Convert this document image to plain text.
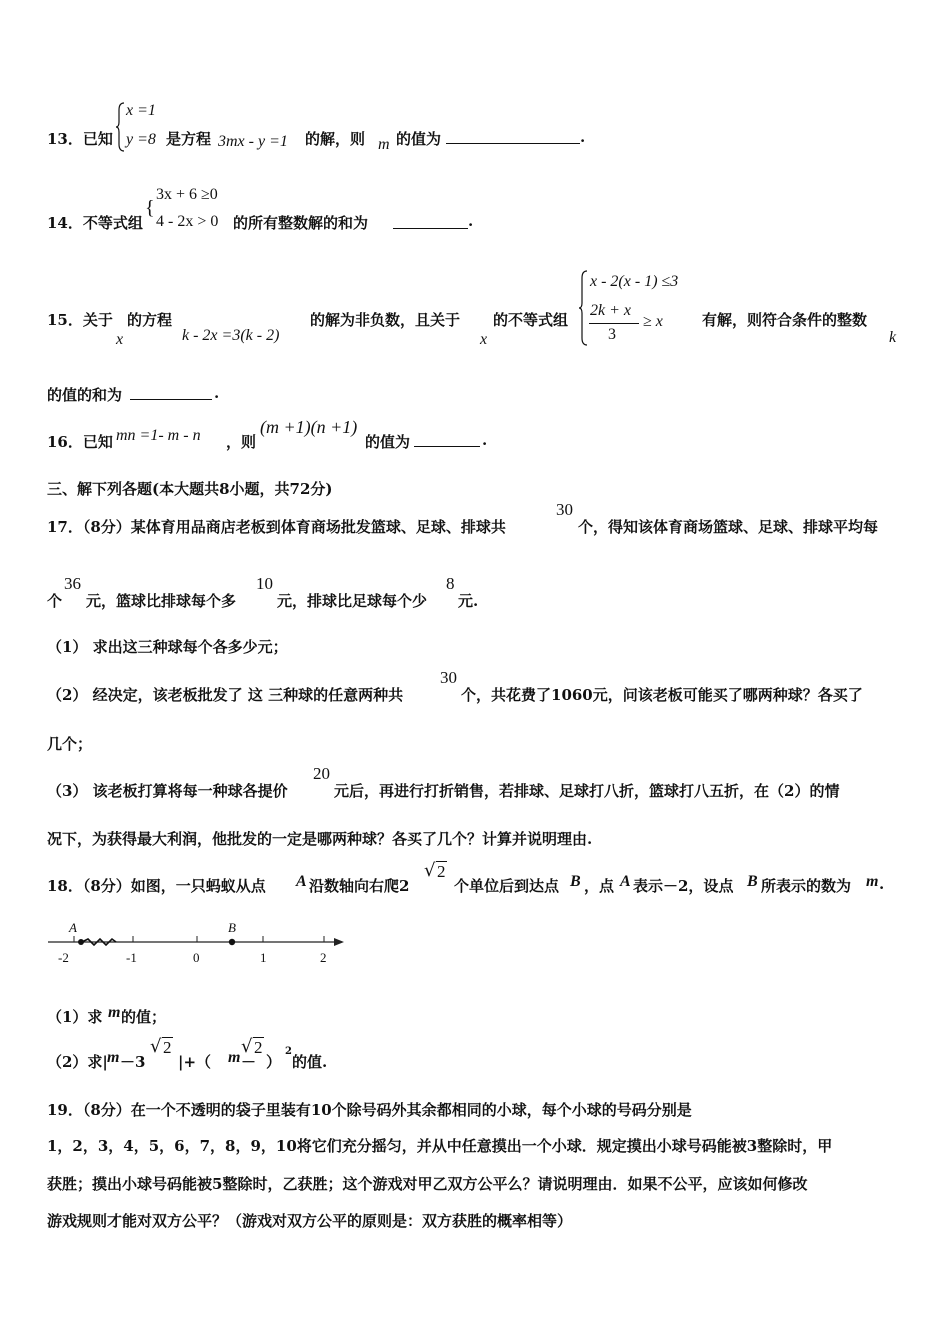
13．已知
x =1
y =8 是方程 3mx - y =1 的解，则 m 的值为	.
14．不等式组
{
3x + 6 ≥0
4 - 2x > 0 的所有整数解的和为	.
15．关于
x
的方程
k - 2x =3(k - 2)
的解为非负数，且关于
x
的不等式组
x - 2(x - 1) ≤3
2k + x
3
≥ x	有解，则符合条件的整数
k
的值的和为	.
16．已知 mn =1- m - n ，则
(m +1)(n +1)
的值为	.
三、解下列各题(本大题共8小题，共72分)
17．（8分）某体育用品商店老板到体育商场批发篮球、足球、排球共
30
个，得知该体育商场篮球、足球、排球平均每
个
36
元，篮球比排球每个多
10
元，排球比足球每个少
8
元.
（1） 求出这三种球每个各多少元；
（2） 经决定，该老板批发了 这 三种球的任意两种共
30
个，共花费了1060元，问该老板可能买了哪两种球？各买了
几个；
（3） 该老板打算将每一种球各提价
20
元后，再进行打折销售，若排球、足球打八折，篮球打八五折，在（2）的情
况下，为获得最大利润，他批发的一定是哪两种球？各买了几个？计算并说明理由.
18．（8分）如图，一只蚂蚁从点 A 沿数轴向右爬2
√ 2
个单位后到达点 B ，点 A 表示－2，设点 B 所表示的数为 m .
A	B
-2	-1	0	1	2
（1）求 m 的值；
（2）求| m －3
√ 2
|+（ m －
√ 2
）
2
的值.
19．（8分）在一个不透明的袋子里装有10个除号码外其余都相同的小球，每个小球的号码分别是
1，2，3，4，5，6，7，8，9，10将它们充分摇匀，并从中任意摸出一个小球．规定摸出小球号码能被3整除时，甲
获胜；摸出小球号码能被5整除时，乙获胜；这个游戏对甲乙双方公平么？请说明理由．如果不公平，应该如何修改
游戏规则才能对双方公平？（游戏对双方公平的原则是：双方获胜的概率相等）
